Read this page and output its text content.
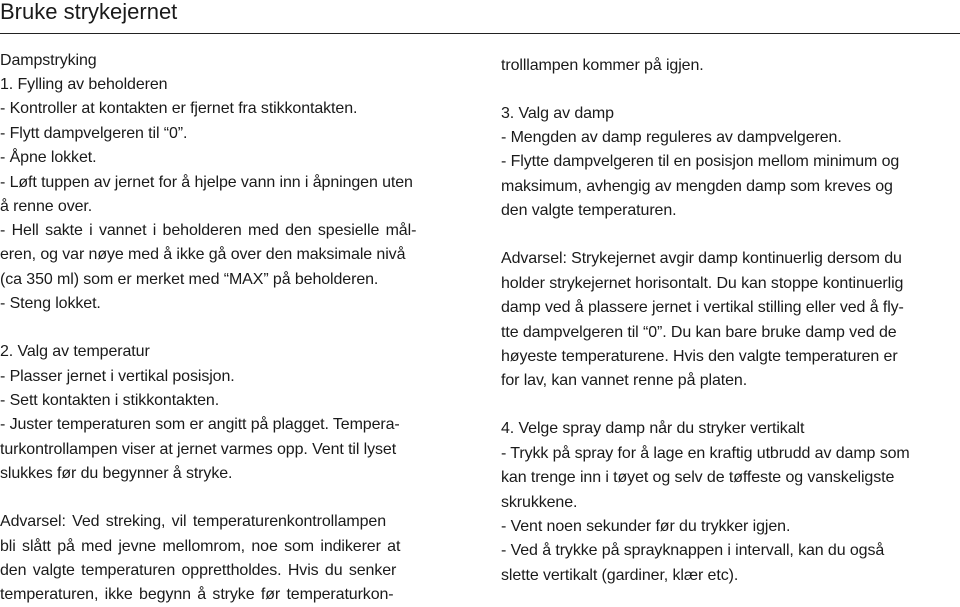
Bruke strykejernet
Dampstryking
1. Fylling av beholderen
- Kontroller at kontakten er fjernet fra stikkontakten.
- Flytt dampvelgeren til “0”.
- Åpne lokket.
- Løft tuppen av jernet for å hjelpe vann inn i åpningen uten
å renne over.
- Hell sakte i vannet i beholderen med den spesielle mål-
eren, og var nøye med å ikke gå over den maksimale nivå
(ca 350 ml) som er merket med “MAX” på beholderen.
- Steng lokket.
2. Valg av temperatur
- Plasser jernet i vertikal posisjon.
- Sett kontakten i stikkontakten.
- Juster temperaturen som er angitt på plagget. Tempera-
turkontrollampen viser at jernet varmes opp. Vent til lyset
slukkes før du begynner å stryke.
Advarsel: Ved streking, vil temperaturenkontrollampen
bli slått på med jevne mellomrom, noe som indikerer at
den valgte temperaturen opprettholdes. Hvis du senker
temperaturen, ikke begynn å stryke før temperaturkon-
trolllampen kommer på igjen.
3. Valg av damp
- Mengden av damp reguleres av dampvelgeren.
- Flytte dampvelgeren til en posisjon mellom minimum og
maksimum, avhengig av mengden damp som kreves og
den valgte temperaturen.
Advarsel: Strykejernet avgir damp kontinuerlig dersom du
holder strykejernet horisontalt. Du kan stoppe kontinuerlig
damp ved å plassere jernet i vertikal stilling eller ved å fly-
tte dampvelgeren til “0”. Du kan bare bruke damp ved de
høyeste temperaturene. Hvis den valgte temperaturen er
for lav, kan vannet renne på platen.
4. Velge spray damp når du stryker vertikalt
- Trykk på spray for å lage en kraftig utbrudd av damp som
kan trenge inn i tøyet og selv de tøffeste og vanskeligste
skrukkene.
- Vent noen sekunder før du trykker igjen.
- Ved å trykke på sprayknappen i intervall, kan du også
slette vertikalt (gardiner, klær etc).
